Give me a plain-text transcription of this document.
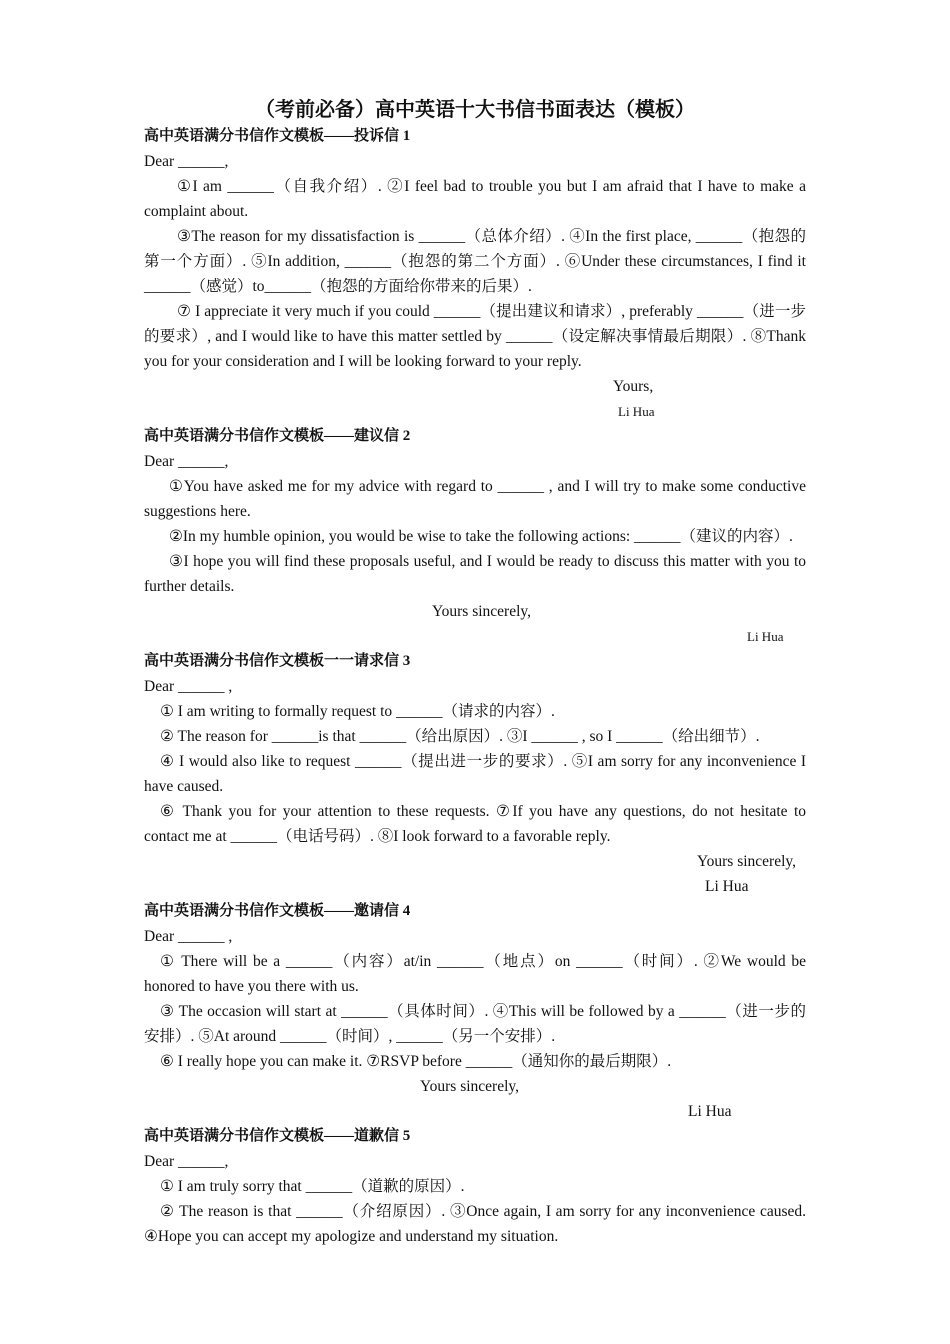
（考前必备）高中英语十大书信书面表达（模板）
高中英语满分书信作文模板——投诉信 1
Dear ______,

①I am ______（自我介绍）. ②I feel bad to trouble you but I am afraid that I have to make a complaint about.

③The reason for my dissatisfaction is ______（总体介绍）. ④In the first place, ______（抱怨的第一个方面）. ⑤In addition, ______（抱怨的第二个方面）. ⑥Under these circumstances, I find it ______（感觉）to______（抱怨的方面给你带来的后果）.

⑦ I appreciate it very much if you could ______（提出建议和请求）, preferably ______（进一步的要求）, and I would like to have this matter settled by ______（设定解决事情最后期限）. ⑧Thank you for your consideration and I will be looking forward to your reply.

Yours,
Li Hua
高中英语满分书信作文模板——建议信 2
Dear ______,

①You have asked me for my advice with regard to ______ , and I will try to make some conductive suggestions here.

②In my humble opinion, you would be wise to take the following actions: ______（建议的内容）.

③I hope you will find these proposals useful, and I would be ready to discuss this matter with you to further details.

Yours sincerely,
Li Hua
高中英语满分书信作文模板一一请求信 3
Dear ______ ,

① I am writing to formally request to ______（请求的内容）.

② The reason for ______is that ______（给出原因）. ③I ______ , so I ______（给出细节）.

④ I would also like to request ______（提出进一步的要求）. ⑤I am sorry for any inconvenience I have caused.

⑥ Thank you for your attention to these requests. ⑦If you have any questions, do not hesitate to contact me at ______（电话号码）. ⑧I look forward to a favorable reply.

Yours sincerely,
Li Hua
高中英语满分书信作文模板——邀请信 4
Dear ______ ,

① There will be a ______（内容）at/in ______（地点）on ______（时间）. ②We would be honored to have you there with us.

③ The occasion will start at ______（具体时间）. ④This will be followed by a ______（进一步的安排）. ⑤At around ______（时间）, ______（另一个安排）.

⑥ I really hope you can make it. ⑦RSVP before ______（通知你的最后期限）.

Yours sincerely,
Li Hua
高中英语满分书信作文模板——道歉信 5
Dear ______,

① I am truly sorry that ______（道歉的原因）.

② The reason is that ______（介绍原因）. ③Once again, I am sorry for any inconvenience caused. ④Hope you can accept my apologize and understand my situation.
